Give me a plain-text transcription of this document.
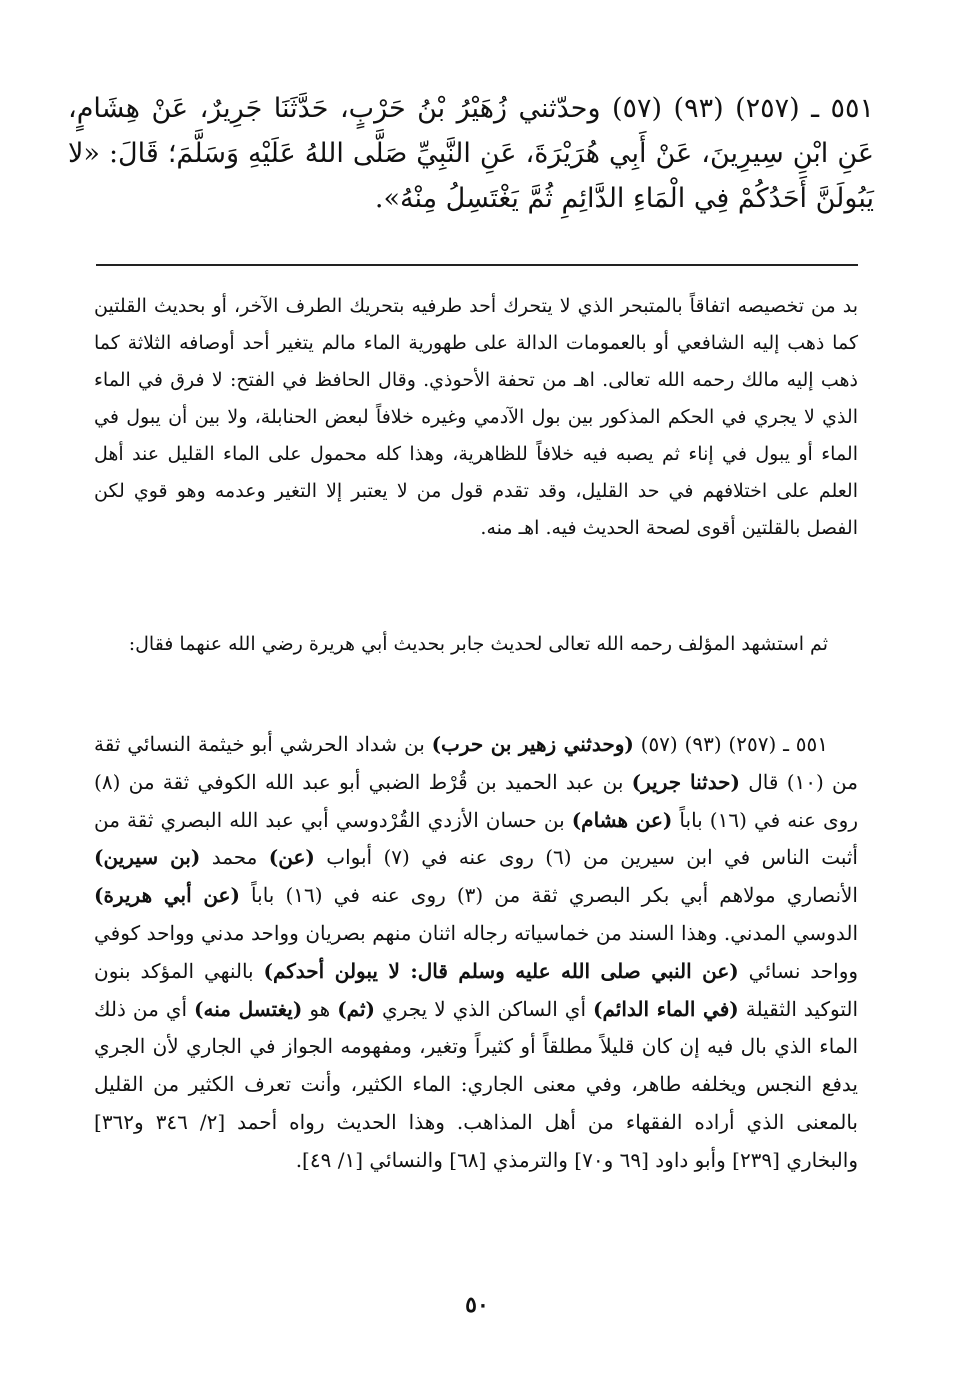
٥٥١ ـ (٢٥٧) (٩٣) (٥٧) وحدّثني زُهَيْرُ بْنُ حَرْبٍ، حَدَّثَنَا جَرِيرٌ، عَنْ هِشَامٍ، عَنِ ابْنِ سِيرِينَ، عَنْ أَبِي هُرَيْرَةَ، عَنِ النَّبِيِّ صَلَّى اللهُ عَلَيْهِ وَسَلَّمَ؛ قَالَ: «لا يَبُولَنَّ أَحَدُكُمْ فِي الْمَاءِ الدَّائِمِ ثُمَّ يَغْتَسِلُ مِنْهُ».

بد من تخصيصه اتفاقاً بالمتبحر الذي لا يتحرك أحد طرفيه بتحريك الطرف الآخر، أو بحديث القلتين كما ذهب إليه الشافعي أو بالعمومات الدالة على طهورية الماء مالم يتغير أحد أوصافه الثلاثة كما ذهب إليه مالك رحمه الله تعالى. اهـ من تحفة الأحوذي. وقال الحافظ في الفتح: لا فرق في الماء الذي لا يجري في الحكم المذكور بين بول الآدمي وغيره خلافاً لبعض الحنابلة، ولا بين أن يبول في الماء أو يبول في إناء ثم يصبه فيه خلافاً للظاهرية، وهذا كله محمول على الماء القليل عند أهل العلم على اختلافهم في حد القليل، وقد تقدم قول من لا يعتبر إلا التغير وعدمه وهو قوي لكن الفصل بالقلتين أقوى لصحة الحديث فيه. اهـ منه.

ثم استشهد المؤلف رحمه الله تعالى لحديث جابر بحديث أبي هريرة رضي الله عنهما فقال:

٥٥١ ـ (٢٥٧) (٩٣) (٥٧) (وحدثني زهير بن حرب) بن شداد الحرشي أبو خيثمة النسائي ثقة من (١٠) قال (حدثنا جرير) بن عبد الحميد بن قُرْط الضبي أبو عبد الله الكوفي ثقة من (٨) روى عنه في (١٦) باباً (عن هشام) بن حسان الأزدي القُرْدوسي أبي عبد الله البصري ثقة من أثبت الناس في ابن سيرين من (٦) روى عنه في (٧) أبواب (عن) محمد (بن سيرين) الأنصاري مولاهم أبي بكر البصري ثقة من (٣) روى عنه في (١٦) باباً (عن أبي هريرة) الدوسي المدني. وهذا السند من خماسياته رجاله اثنان منهم بصريان وواحد مدني وواحد كوفي وواحد نسائي (عن النبي صلى الله عليه وسلم قال: لا يبولن أحدكم) بالنهي المؤكد بنون التوكيد الثقيلة (في الماء الدائم) أي الساكن الذي لا يجري (ثم) هو (يغتسل منه) أي من ذلك الماء الذي بال فيه إن كان قليلاً مطلقاً أو كثيراً وتغير، ومفهومه الجواز في الجاري لأن الجري يدفع النجس ويخلفه طاهر، وفي معنى الجاري: الماء الكثير، وأنت تعرف الكثير من القليل بالمعنى الذي أراده الفقهاء من أهل المذاهب. وهذا الحديث رواه أحمد [٢/ ٣٤٦ و٣٦٢] والبخاري [٢٣٩] وأبو داود [٦٩ و٧٠] والترمذي [٦٨] والنسائي [١/ ٤٩].

٥٠
